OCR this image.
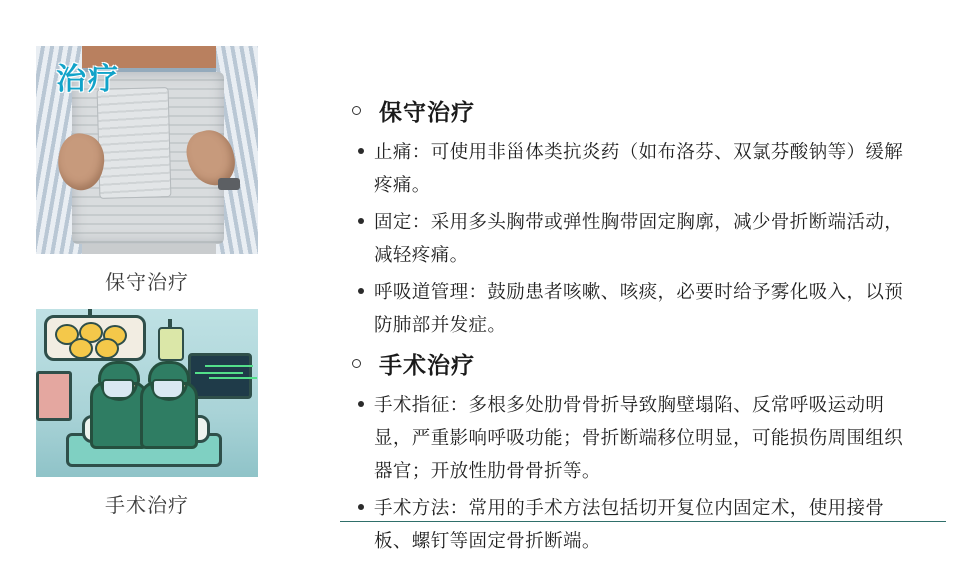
治疗
保守治疗
手术治疗
保守治疗
止痛：可使用非甾体类抗炎药（如布洛芬、双氯芬酸钠等）缓解疼痛。
固定：采用多头胸带或弹性胸带固定胸廓，减少骨折断端活动，减轻疼痛。
呼吸道管理：鼓励患者咳嗽、咳痰，必要时给予雾化吸入，以预防肺部并发症。
手术治疗
手术指征：多根多处肋骨骨折导致胸壁塌陷、反常呼吸运动明显，严重影响呼吸功能；骨折断端移位明显，可能损伤周围组织器官；开放性肋骨骨折等。
手术方法：常用的手术方法包括切开复位内固定术，使用接骨板、螺钉等固定骨折断端。
